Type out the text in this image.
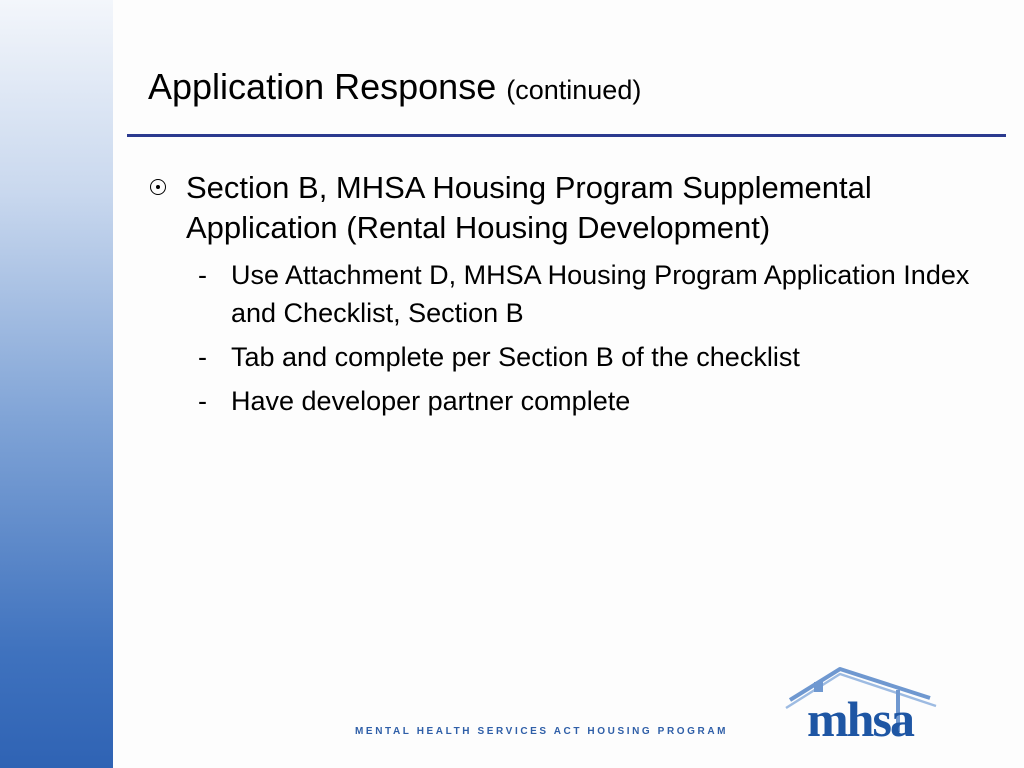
Application Response (continued)
Section B, MHSA Housing Program Supplemental Application (Rental Housing Development)
- Use Attachment D, MHSA Housing Program Application Index and Checklist, Section B
- Tab and complete per Section B of the checklist
- Have developer partner complete
MENTAL HEALTH SERVICES ACT HOUSING PROGRAM mhsa
